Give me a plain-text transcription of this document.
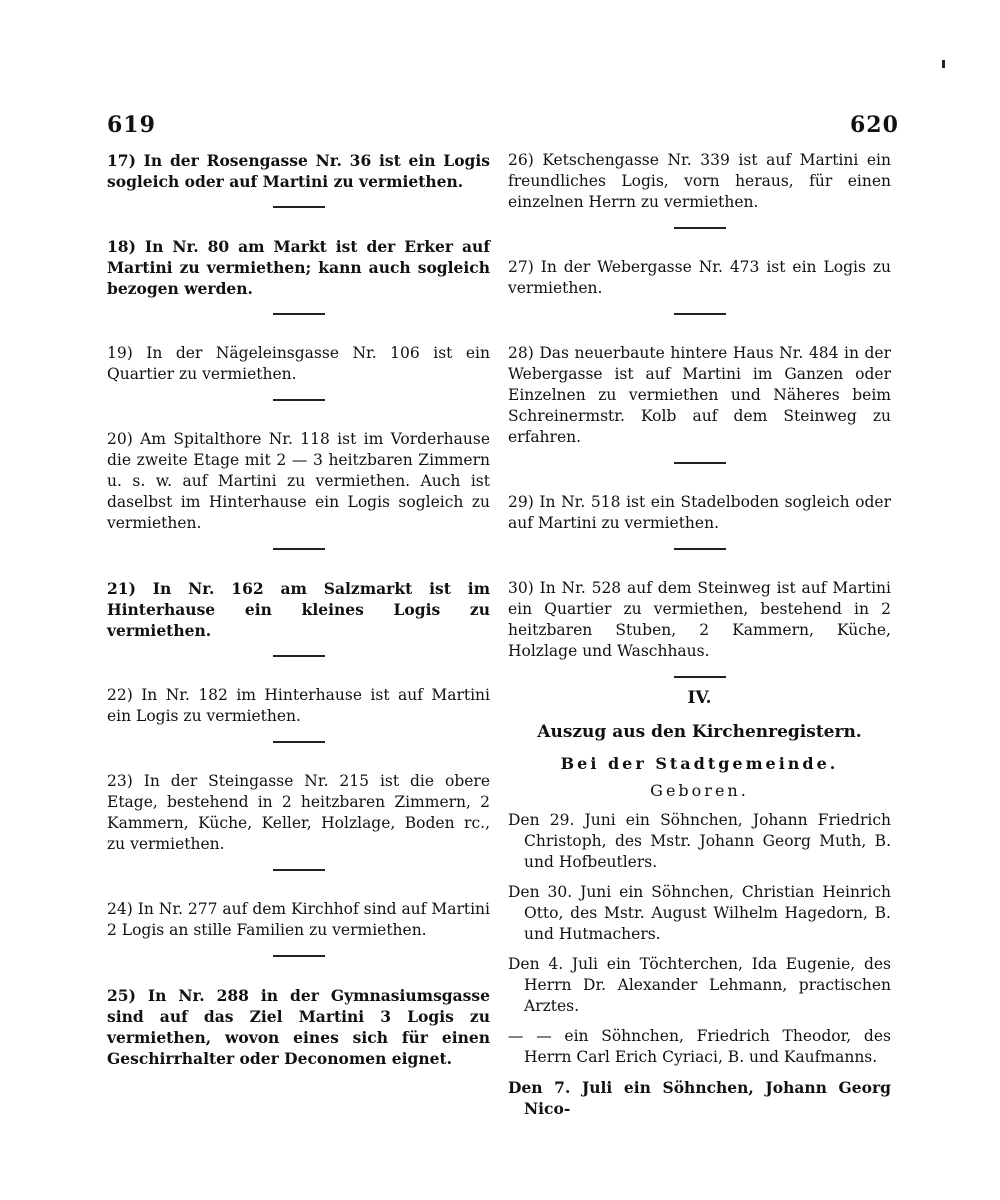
619	620

17) In der Rosengasse Nr. 36 ist ein Logis sogleich oder auf Martini zu vermiethen.

18) In Nr. 80 am Markt ist der Erker auf Martini zu vermiethen; kann auch sogleich bezogen werden.

19) In der Nägeleinsgasse Nr. 106 ist ein Quartier zu vermiethen.

20) Am Spitalthore Nr. 118 ist im Vorderhause die zweite Etage mit 2 — 3 heitzbaren Zimmern u. s. w. auf Martini zu vermiethen. Auch ist daselbst im Hinterhause ein Logis sogleich zu vermiethen.

21) In Nr. 162 am Salzmarkt ist im Hinterhause ein kleines Logis zu vermiethen.

22) In Nr. 182 im Hinterhause ist auf Martini ein Logis zu vermiethen.

23) In der Steingasse Nr. 215 ist die obere Etage, bestehend in 2 heitzbaren Zimmern, 2 Kammern, Küche, Keller, Holzlage, Boden rc., zu vermiethen.

24) In Nr. 277 auf dem Kirchhof sind auf Martini 2 Logis an stille Familien zu vermiethen.

25) In Nr. 288 in der Gymnasiumsgasse sind auf das Ziel Martini 3 Logis zu vermiethen, wovon eines sich für einen Geschirrhalter oder Deconomen eignet.

26) Ketschengasse Nr. 339 ist auf Martini ein freundliches Logis, vorn heraus, für einen einzelnen Herrn zu vermiethen.

27) In der Webergasse Nr. 473 ist ein Logis zu vermiethen.

28) Das neuerbaute hintere Haus Nr. 484 in der Webergasse ist auf Martini im Ganzen oder Einzelnen zu vermiethen und Näheres beim Schreinermstr. Kolb auf dem Steinweg zu erfahren.

29) In Nr. 518 ist ein Stadelboden sogleich oder auf Martini zu vermiethen.

30) In Nr. 528 auf dem Steinweg ist auf Martini ein Quartier zu vermiethen, bestehend in 2 heitzbaren Stuben, 2 Kammern, Küche, Holzlage und Waschhaus.

IV.
Auszug aus den Kirchenregistern.
Bei der Stadtgemeinde.
Geboren.

Den 29. Juni ein Söhnchen, Johann Friedrich Christoph, des Mstr. Johann Georg Muth, B. und Hofbeutlers.

Den 30. Juni ein Söhnchen, Christian Heinrich Otto, des Mstr. August Wilhelm Hagedorn, B. und Hutmachers.

Den 4. Juli ein Töchterchen, Ida Eugenie, des Herrn Dr. Alexander Lehmann, practischen Arztes.

— — ein Söhnchen, Friedrich Theodor, des Herrn Carl Erich Cyriaci, B. und Kaufmanns.

Den 7. Juli ein Söhnchen, Johann Georg Nico-
